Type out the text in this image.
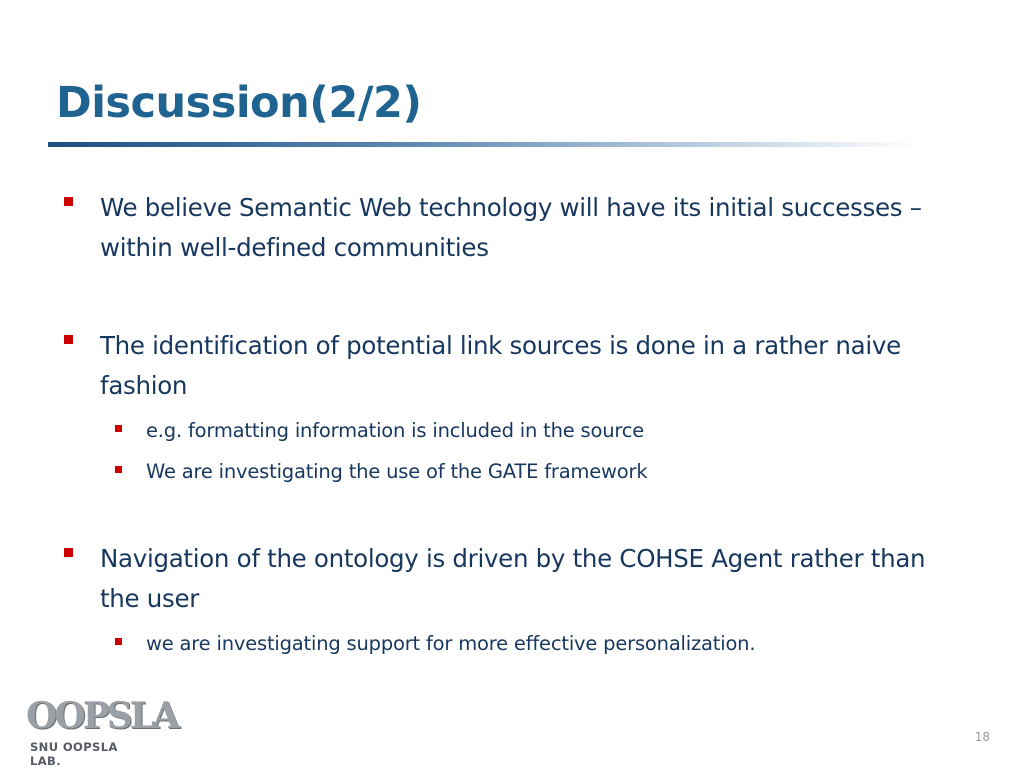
Discussion(2/2)
We believe Semantic Web technology will have its initial successes – within well-defined communities
The identification of potential link sources is done in a rather naive fashion
e.g. formatting information is included in the source
We are investigating the use of the GATE framework
Navigation of the ontology is driven by the COHSE Agent rather than the user
we are investigating support for more effective personalization.
OOPSLA
SNU OOPSLA LAB.
18
